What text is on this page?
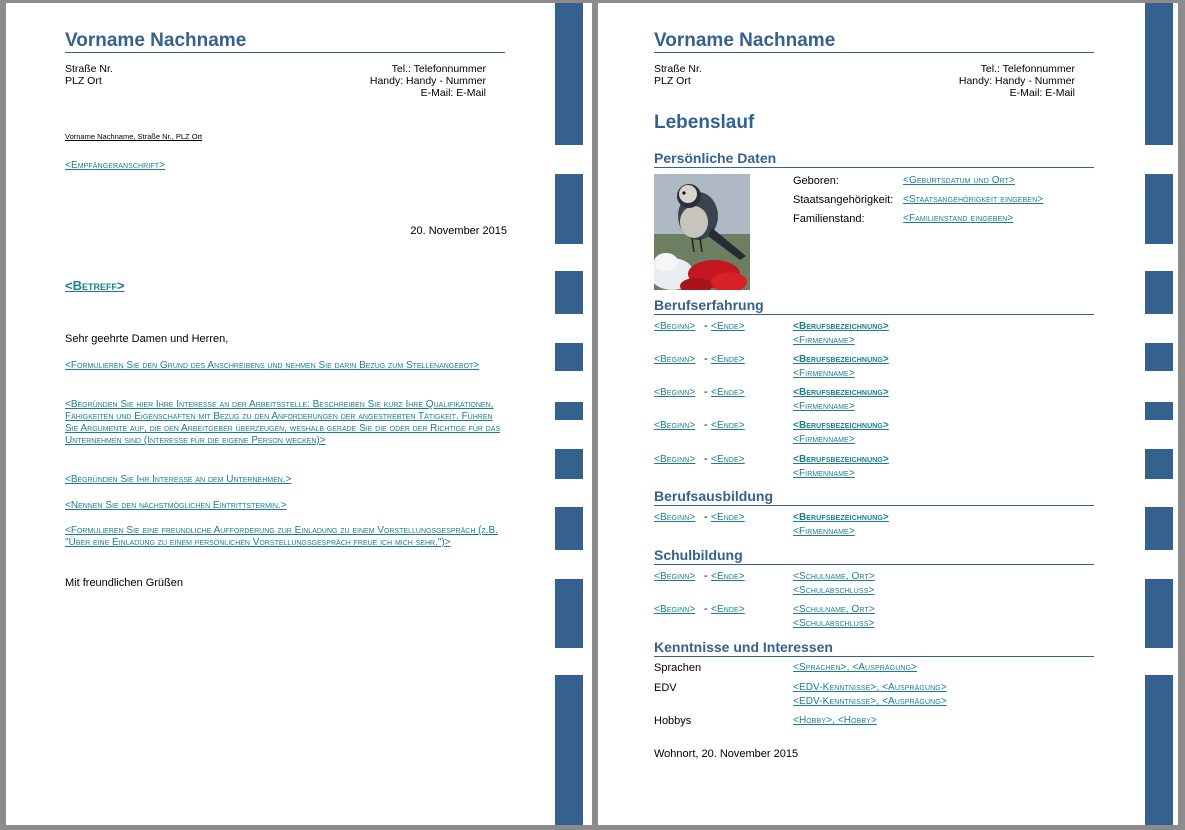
Vorname Nachname
Straße Nr.
PLZ Ort
Tel.: Telefonnummer
Handy: Handy - Nummer
E-Mail: E-Mail
Vorname Nachname, Straße Nr., PLZ Ort
<Empfängeranschrift>
20. November 2015
<Betreff>
Sehr geehrte Damen und Herren,
<Formulieren Sie den Grund des Anschreibens und nehmen Sie darin Bezug zum Stellenangebot>
<Begründen Sie hier Ihre Interesse an der Arbeitsstelle: Beschreiben Sie kurz Ihre Qualifikationen, Fähigkeiten und Eigenschaften mit Bezug zu den Anforderungen der angestrebten Tätigkeit. Führen Sie Argumente auf, die den Arbeitgeber überzeugen, weshalb gerade Sie die oder der Richtige für das Unternehmen sind (Interesse für die eigene Person wecken)>
<Begründen Sie Ihr Interesse an dem Unternehmen.>
<Nennen Sie den nächstmöglichen Eintrittstermin.>
<Formulieren Sie eine freundliche Aufforderung zur Einladung zu einem Vorstellungsgespräch (z.B. "Über eine Einladung zu einem persönlichen Vorstellungsgespräch freue ich mich sehr.")>
Mit freundlichen Grüßen
Vorname Nachname
Straße Nr.
PLZ Ort
Tel.: Telefonnummer
Handy: Handy - Nummer
E-Mail: E-Mail
Lebenslauf
Persönliche Daten
Geboren:	<Geburtsdatum und Ort>
Staatsangehörigkeit: <Staatsangehörigkeit eingeben>
Familienstand:	<Familienstand eingeben>
Berufserfahrung
<Beginn> - <Ende>	<Berufsbezeichnung>
<Firmenname>
<Beginn> - <Ende>	<Berufsbezeichnung>
<Firmenname>
<Beginn> - <Ende>	<Berufsbezeichnung>
<Firmenname>
<Beginn> - <Ende>	<Berufsbezeichnung>
<Firmenname>
<Beginn> - <Ende>	<Berufsbezeichnung>
<Firmenname>
Berufsausbildung
<Beginn> - <Ende>	<Berufsbezeichnung>
<Firmenname>
Schulbildung
<Beginn> - <Ende>	<Schulname, Ort>
<Schulabschluss>
<Beginn> - <Ende>	<Schulname, Ort>
<Schulabschluss>
Kenntnisse und Interessen
Sprachen	<Sprachen>, <Ausprägung>
EDV	<EDV-Kenntnisse>, <Ausprägung>
<EDV-Kenntnisse>, <Ausprägung>
Hobbys	<Hobby>, <Hobby>
Wohnort, 20. November 2015
